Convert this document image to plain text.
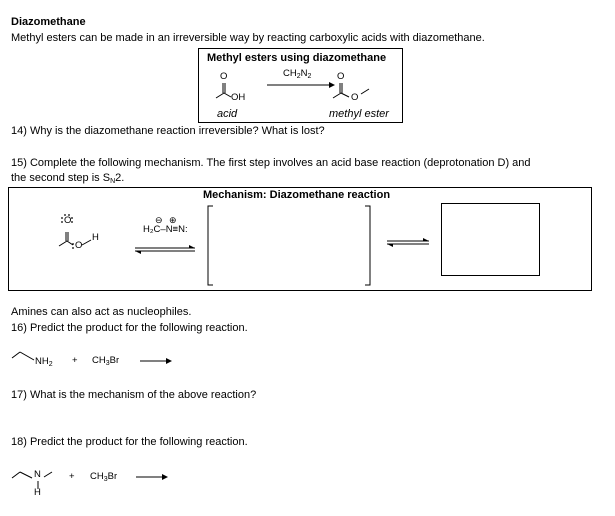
Diazomethane
Methyl esters can be made in an irreversible way by reacting carboxylic acids with diazomethane.
Methyl esters using diazomethane
$CH_2N_2$
O
OH
acid
O
O
methyl ester
14) Why is the diazomethane reaction irreversible? What is lost?
15) Complete the following mechanism. The first step involves an acid base reaction (deprotonation D) and
the second step is $S_N2$.
Mechanism: Diazomethane reaction
O
O
H
H₂C–N≡N:
⊖ ⊕
Amines can also act as nucleophiles.
16) Predict the product for the following reaction.
$NH_2 + CH_3Br$
17) What is the mechanism of the above reaction?
18) Predict the product for the following reaction.
N
H
+ $CH_3Br$
